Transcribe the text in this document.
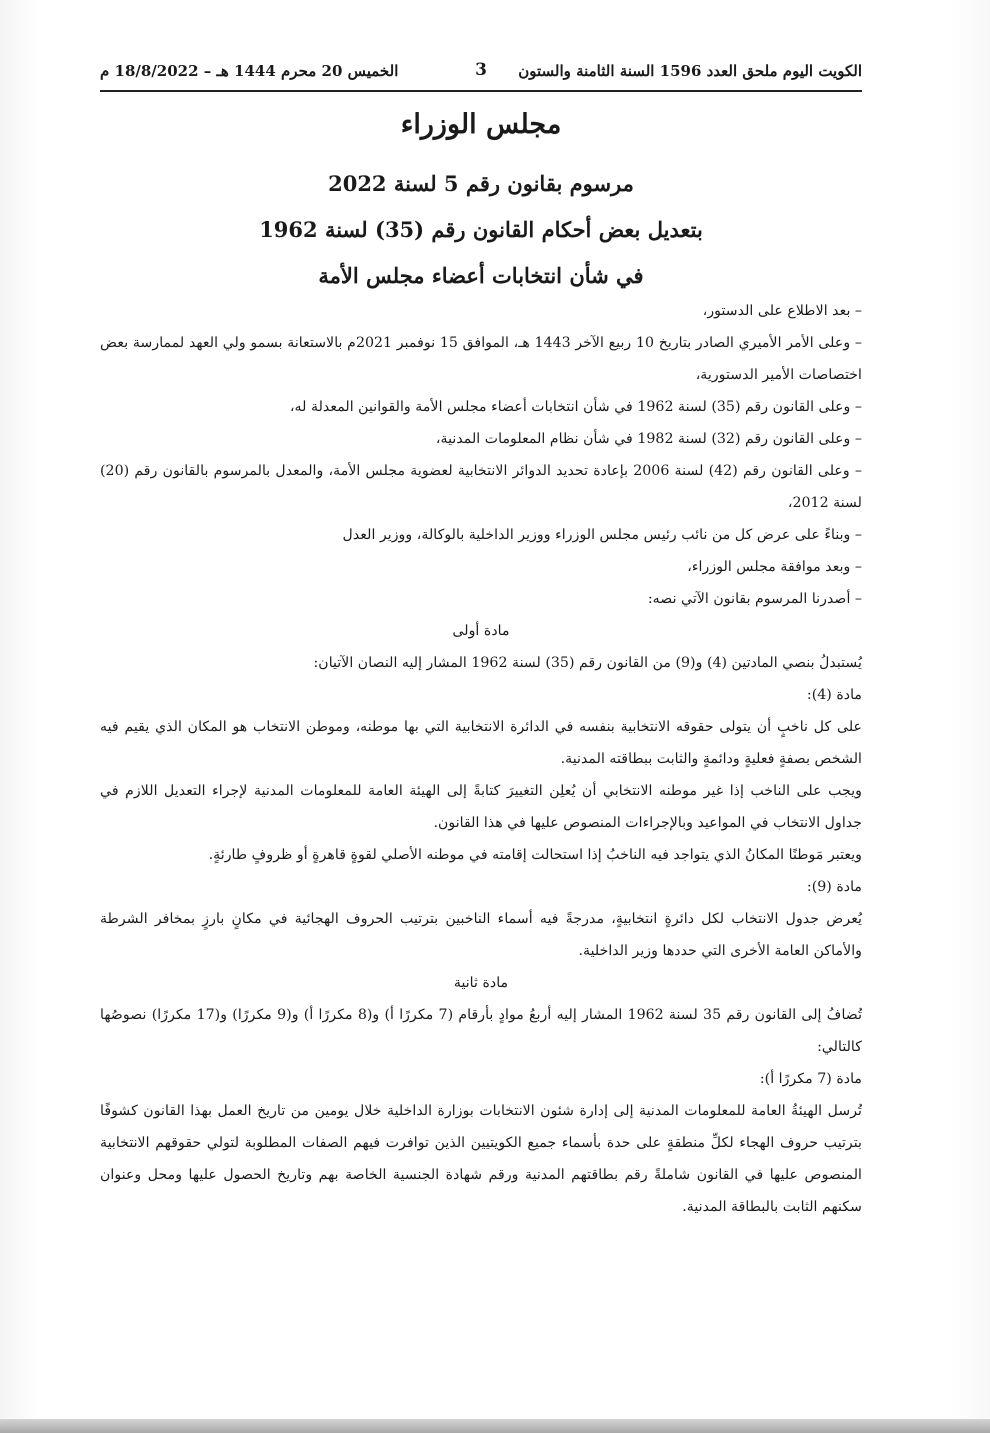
الكويت اليوم ملحق العدد 1596 السنة الثامنة والستون
3
الخميس 20 محرم 1444 هـ – 18/8/2022 م
مجلس الوزراء
مرسوم بقانون رقم 5 لسنة 2022
بتعديل بعض أحكام القانون رقم (35) لسنة 1962
في شأن انتخابات أعضاء مجلس الأمة

– بعد الاطلاع على الدستور،

– وعلى الأمر الأميري الصادر بتاريخ 10 ربيع الآخر 1443 هـ، الموافق 15 نوفمبر 2021م بالاستعانة بسمو ولي العهد لممارسة بعض اختصاصات الأمير الدستورية،

– وعلى القانون رقم (35) لسنة 1962 في شأن انتخابات أعضاء مجلس الأمة والقوانين المعدلة له،

– وعلى القانون رقم (32) لسنة 1982 في شأن نظام المعلومات المدنية،

– وعلى القانون رقم (42) لسنة 2006 بإعادة تحديد الدوائر الانتخابية لعضوية مجلس الأمة، والمعدل بالمرسوم بالقانون رقم (20) لسنة 2012،

– وبناءً على عرض كل من نائب رئيس مجلس الوزراء ووزير الداخلية بالوكالة، ووزير العدل

– وبعد موافقة مجلس الوزراء،

– أصدرنا المرسوم بقانون الآتي نصه:

مادة أولى

يُستبدلُ بنصي المادتين (4) و(9) من القانون رقم (35) لسنة 1962 المشار إليه النصان الآتيان:

مادة (4):

على كل ناخبٍ أن يتولى حقوقه الانتخابية بنفسه في الدائرة الانتخابية التي بها موطنه، وموطن الانتخاب هو المكان الذي يقيم فيه الشخص بصفةٍ فعليةٍ ودائمةٍ والثابت ببطاقته المدنية.

ويجب على الناخب إذا غير موطنه الانتخابي أن يُعلِن التغييرَ كتابةً إلى الهيئة العامة للمعلومات المدنية لإجراء التعديل اللازم في جداول الانتخاب في المواعيد وبالإجراءات المنصوص عليها في هذا القانون.

ويعتبر مَوطنًا المكانُ الذي يتواجد فيه الناخبُ إذا استحالت إقامته في موطنه الأصلي لقوةٍ قاهرةٍ أو ظروفٍ طارئةٍ.

مادة (9):

يُعرض جدول الانتخاب لكل دائرةٍ انتخابيةٍ، مدرجةً فيه أسماء الناخبين بترتيب الحروف الهجائية في مكانٍ بارزٍ بمخافر الشرطة والأماكن العامة الأخرى التي حددها وزير الداخلية.

مادة ثانية

تُضافُ إلى القانون رقم 35 لسنة 1962 المشار إليه أربعُ موادٍ بأرقام (7 مكررًا أ) و(8 مكررًا أ) و(9 مكررًا) و(17 مكررًا) نصوصُها كالتالي:

مادة (7 مكررًا أ):

تُرسل الهيئةُ العامة للمعلومات المدنية إلى إدارة شئون الانتخابات بوزارة الداخلية خلال يومين من تاريخ العمل بهذا القانون كشوفًا بترتيب حروف الهجاء لكلِّ منطقةٍ على حدة بأسماء جميع الكويتيين الذين توافرت فيهم الصفات المطلوبة لتولي حقوقهم الانتخابية المنصوص عليها في القانون شاملةً رقم بطاقتهم المدنية ورقم شهادة الجنسية الخاصة بهم وتاريخ الحصول عليها ومحل وعنوان سكنهم الثابت بالبطاقة المدنية.
